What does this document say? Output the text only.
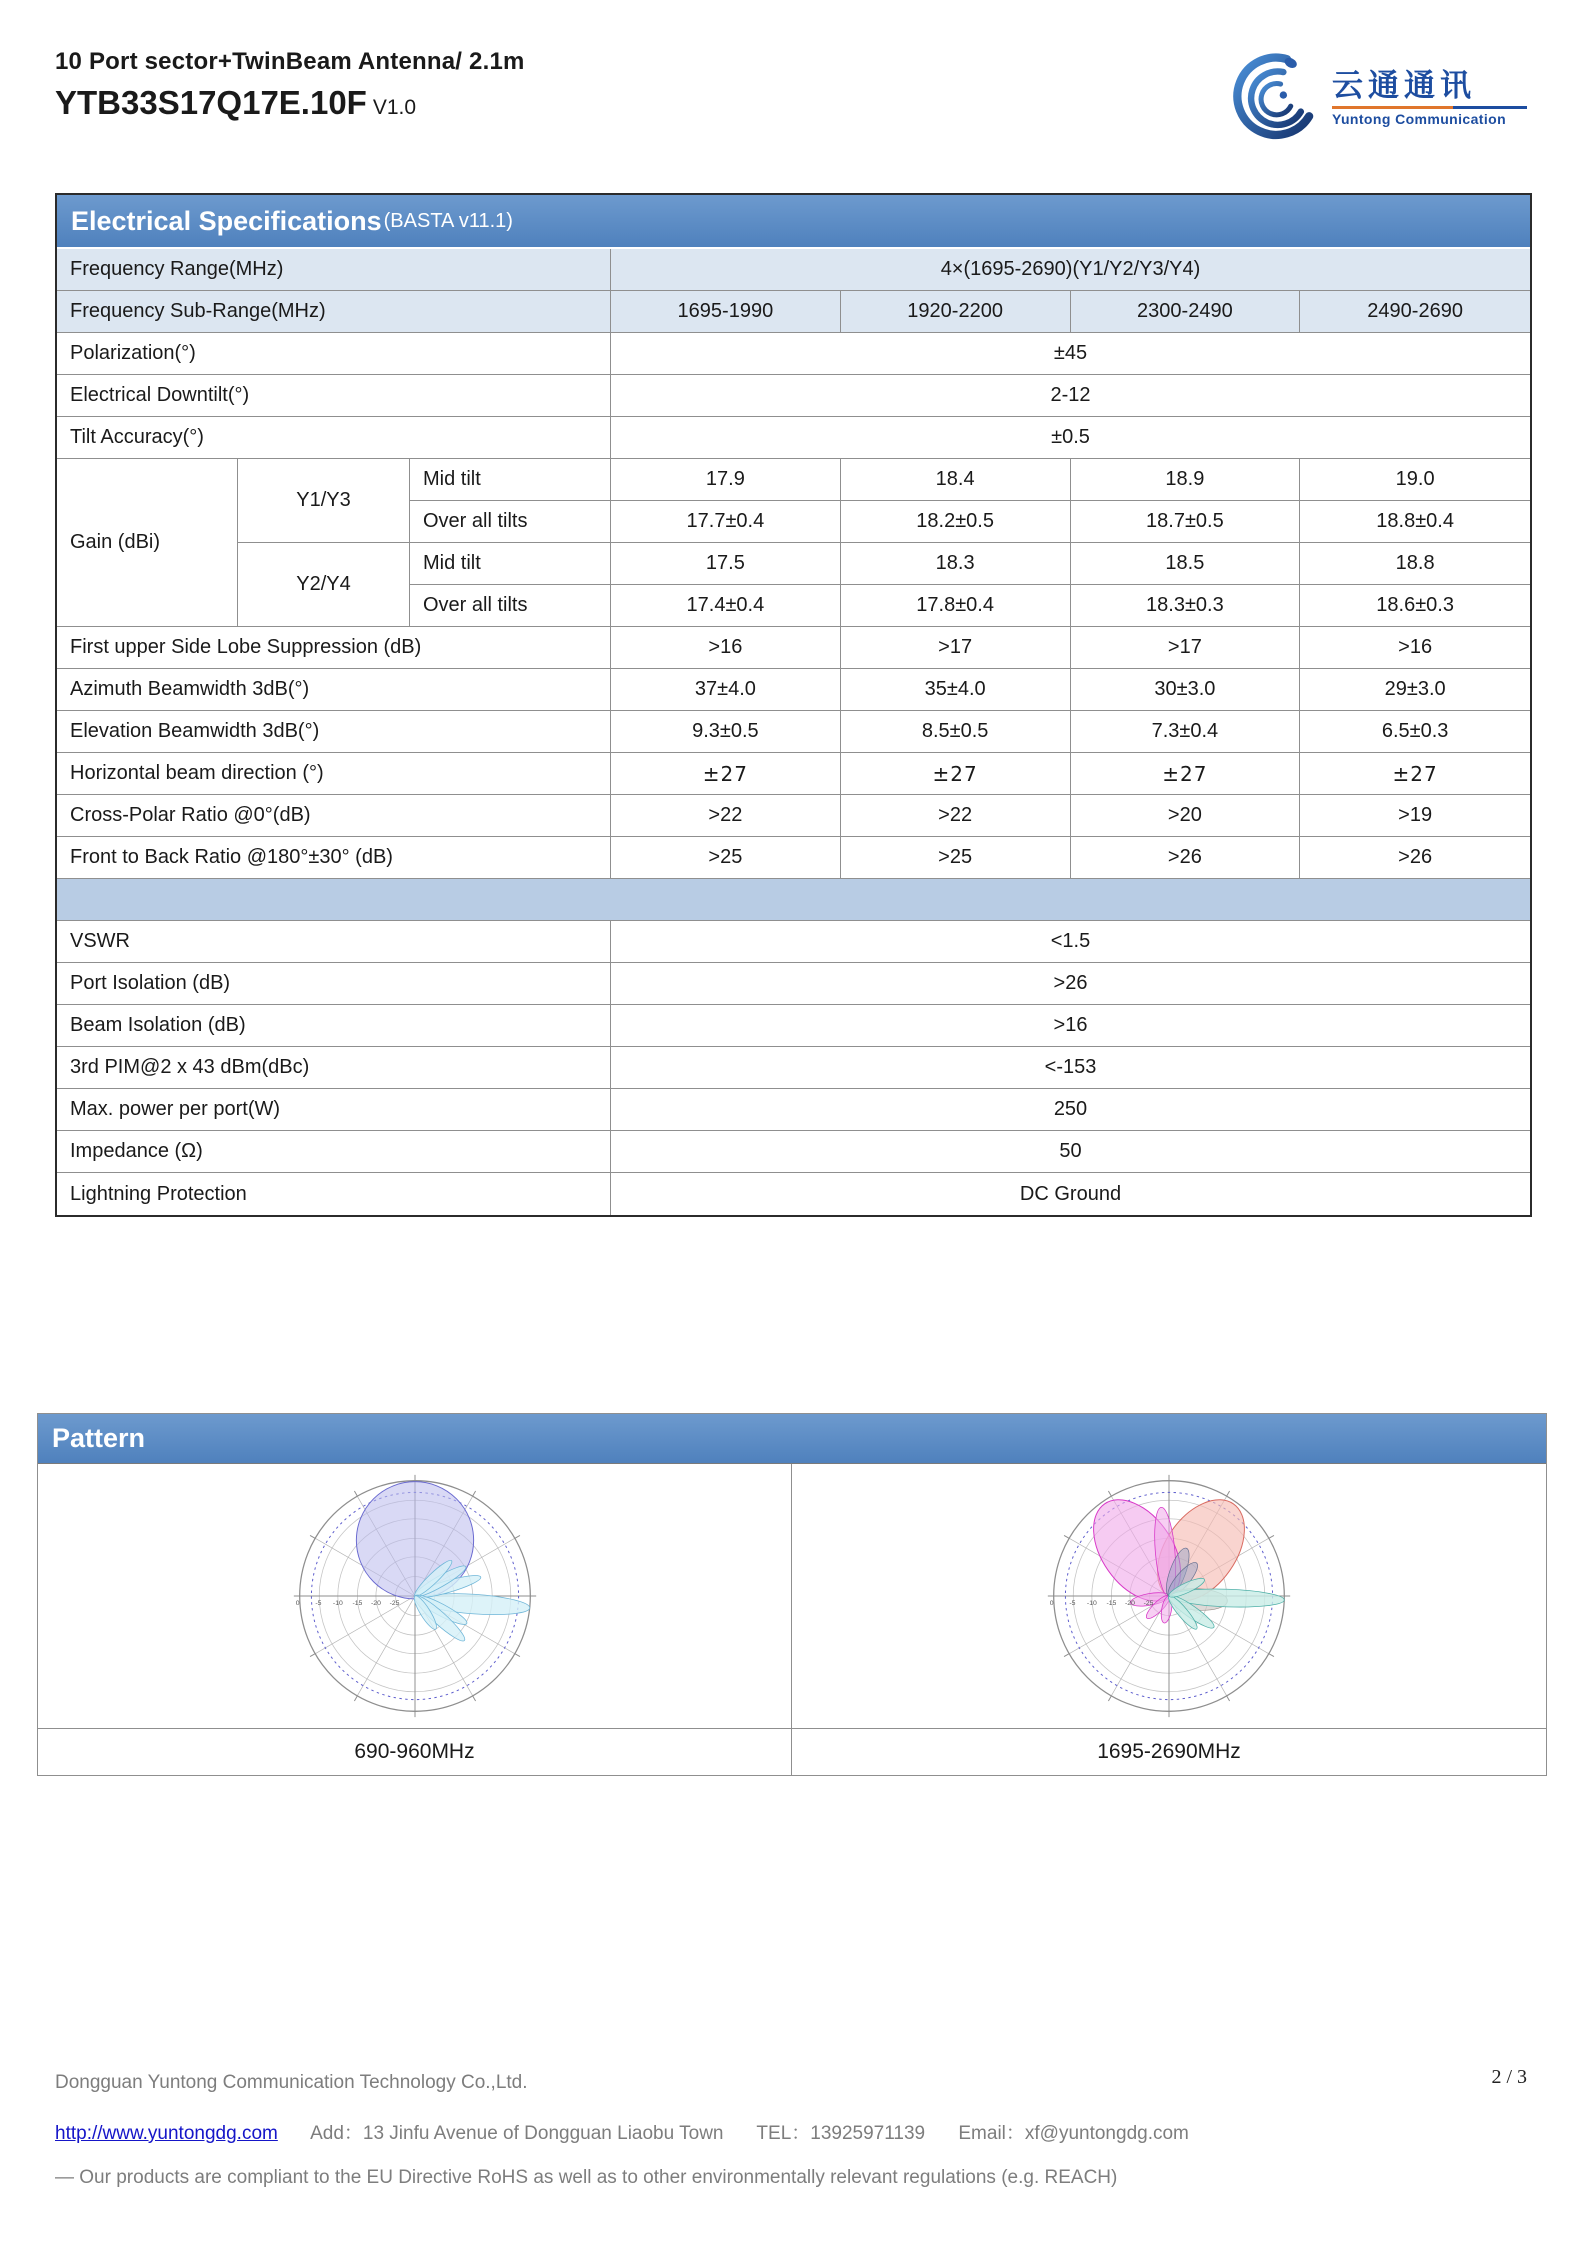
10 Port sector+TwinBeam Antenna/ 2.1m
YTB33S17Q17E.10F V1.0
云通通讯
Yuntong Communication
Electrical Specifications (BASTA v11.1)
Frequency Range(MHz)	4×(1695-2690)(Y1/Y2/Y3/Y4)
Frequency Sub-Range(MHz)	1695-1990	1920-2200	2300-2490	2490-2690
Polarization(°)	±45
Electrical Downtilt(°)	2-12
Tilt Accuracy(°)	±0.5
Gain (dBi)
Y1/Y3
Mid tilt	17.9	18.4	18.9	19.0
Over all tilts	17.7±0.4	18.2±0.5	18.7±0.5	18.8±0.4
Y2/Y4
Mid tilt	17.5	18.3	18.5	18.8
Over all tilts	17.4±0.4	17.8±0.4	18.3±0.3	18.6±0.3
First upper Side Lobe Suppression (dB)	>16	>17	>17	>16
Azimuth Beamwidth 3dB(°)	37±4.0	35±4.0	30±3.0	29±3.0
Elevation Beamwidth 3dB(°)	9.3±0.5	8.5±0.5	7.3±0.4	6.5±0.3
Horizontal beam direction (°)	±27	±27	±27	±27
Cross-Polar Ratio @0°(dB)	>22	>22	>20	>19
Front to Back Ratio @180°±30° (dB)	>25	>25	>26	>26
VSWR	<1.5
Port Isolation (dB)	>26
Beam Isolation (dB)	>16
3rd PIM@2 x 43 dBm(dBc)	<-153
Max. power per port(W)	250
Impedance (Ω)	50
Lightning Protection	DC Ground
Pattern
0 -5 -10 -15 -20 -25	0 -5 -10 -15 -20 -25
690-960MHz	1695-2690MHz
Dongguan Yuntong Communication Technology Co.,Ltd.
http://www.yuntongdg.com Add：13 Jinfu Avenue of Dongguan Liaobu Town TEL：13925971139 Email：xf@yuntongdg.com
— Our products are compliant to the EU Directive RoHS as well as to other environmentally relevant regulations (e.g. REACH)
2 / 3
